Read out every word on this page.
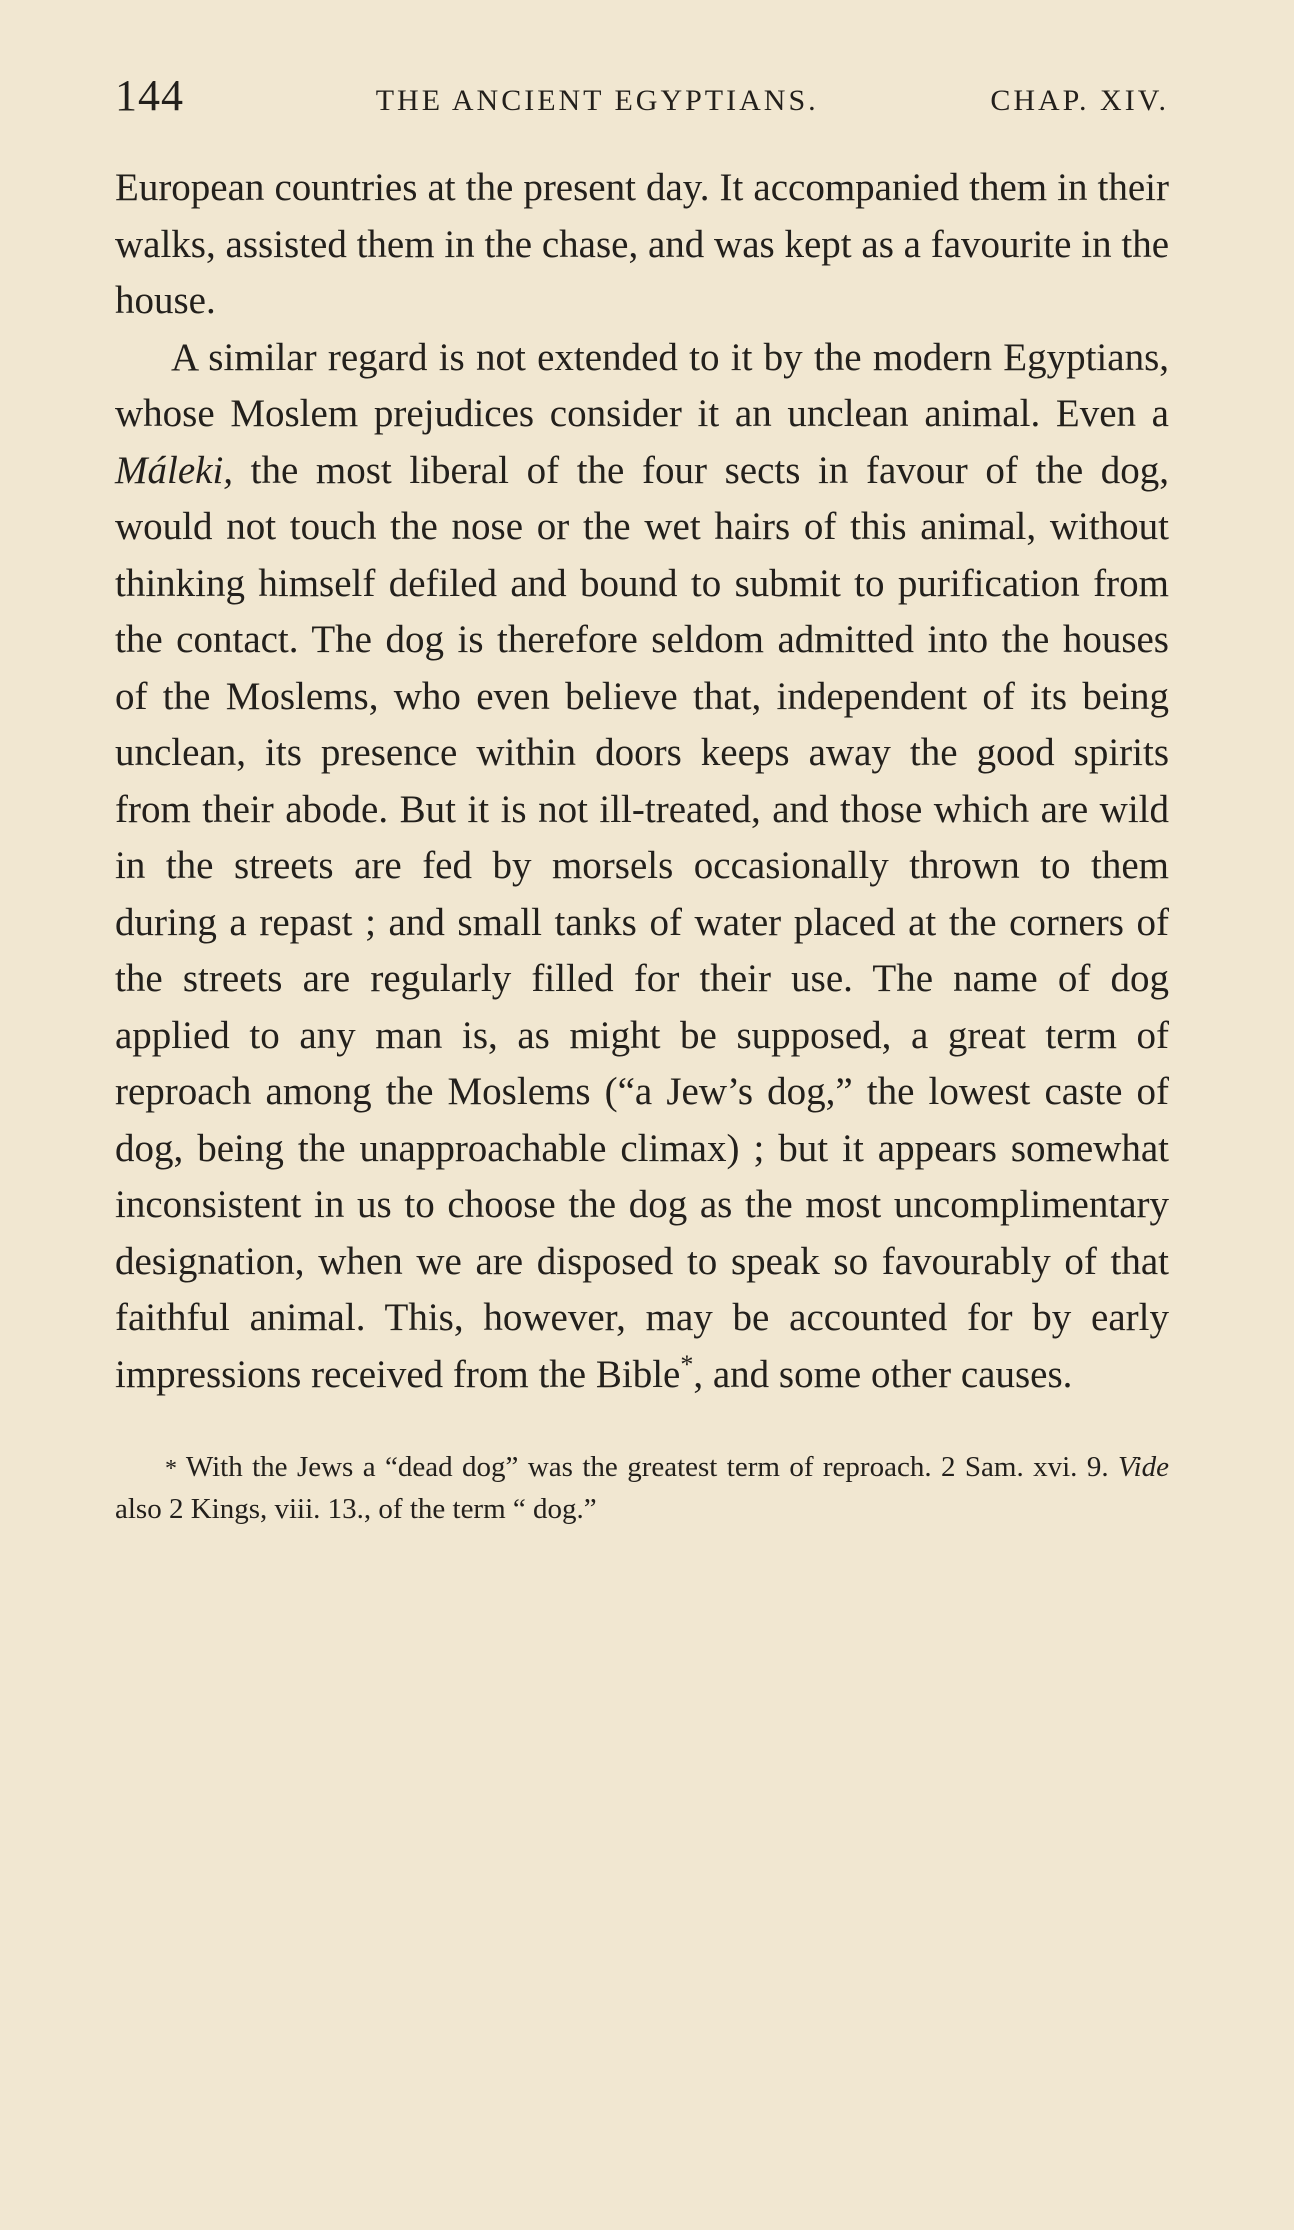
144	THE ANCIENT EGYPTIANS.	CHAP. XIV.

European countries at the present day. It accompanied them in their walks, assisted them in the chase, and was kept as a favourite in the house.

A similar regard is not extended to it by the modern Egyptians, whose Moslem prejudices consider it an unclean animal. Even a Máleki, the most liberal of the four sects in favour of the dog, would not touch the nose or the wet hairs of this animal, without thinking himself defiled and bound to submit to purification from the contact. The dog is therefore seldom admitted into the houses of the Moslems, who even believe that, independent of its being unclean, its presence within doors keeps away the good spirits from their abode. But it is not ill-treated, and those which are wild in the streets are fed by morsels occasionally thrown to them during a repast ; and small tanks of water placed at the corners of the streets are regularly filled for their use. The name of dog applied to any man is, as might be supposed, a great term of reproach among the Moslems (“a Jew’s dog,” the lowest caste of dog, being the unapproachable climax) ; but it appears somewhat inconsistent in us to choose the dog as the most uncomplimentary designation, when we are disposed to speak so favourably of that faithful animal. This, however, may be accounted for by early impressions received from the Bible*, and some other causes.

* With the Jews a “dead dog” was the greatest term of reproach. 2 Sam. xvi. 9. Vide also 2 Kings, viii. 13., of the term “ dog.”
